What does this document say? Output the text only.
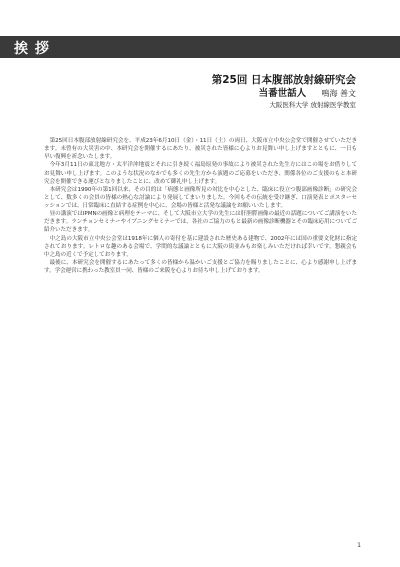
挨 拶
第25回 日本腹部放射線研究会
当番世話人 鳴海 善文
大阪医科大学 放射線医学教室

第25回日本腹部放射線研究会を、平成23年6月10日（金）・11日（土）の両日、大阪市立中央公会堂で開催させていただきます。未曾有の大災害の中、本研究会を開催するにあたり、被災された皆様に心よりお見舞い申し上げますとともに、一日も早い復興を祈念いたします。

今年3月11日の東北地方・太平洋沖地震とそれに引き続く福島原発の事故により被災された先生方にはこの場をお借りしてお見舞い申し上げます。このような状況のなかでも多くの先生方から演題のご応募をいただき、関係各位のご支援のもと本研究会を開催できる運びとなりましたことに、改めて御礼申し上げます。

本研究会は1990年の第1回以来、その目的は「病態と画像所見の対比を中心とした、臨床に役立つ腹部画像診断」の研究会として、数多くの会員の皆様の熱心な討論により発展してまいりました。今回もその伝統を受け継ぎ、口演発表とポスターセッションでは、日常臨床に直結する症例を中心に、会場の皆様と活発な議論をお願いいたします。

昼の講演ではIPMNの画像と病理をテーマに、そして大阪市立大学の先生には肝胆膵画像の最近の話題についてご講演をいただきます。ランチョンセミナーやイブニングセミナーでは、各社のご協力のもと最新の画像診断機器とその臨床応用についてご紹介いただきます。

中之島の大阪市立中央公会堂は1918年に個人の寄付を基に建設された歴史ある建物で、2002年には国の重要文化財に指定されております。レトロな趣のある会場で、学問的な議論とともに大阪の街並みもお楽しみいただければ幸いです。懇親会も中之島の近くで予定しております。

最後に、本研究会を開催するにあたって多くの皆様から温かいご支援とご協力を賜りましたことに、心より感謝申し上げます。学会運営に携わった教室員一同、皆様のご来阪を心よりお待ち申し上げております。

1
